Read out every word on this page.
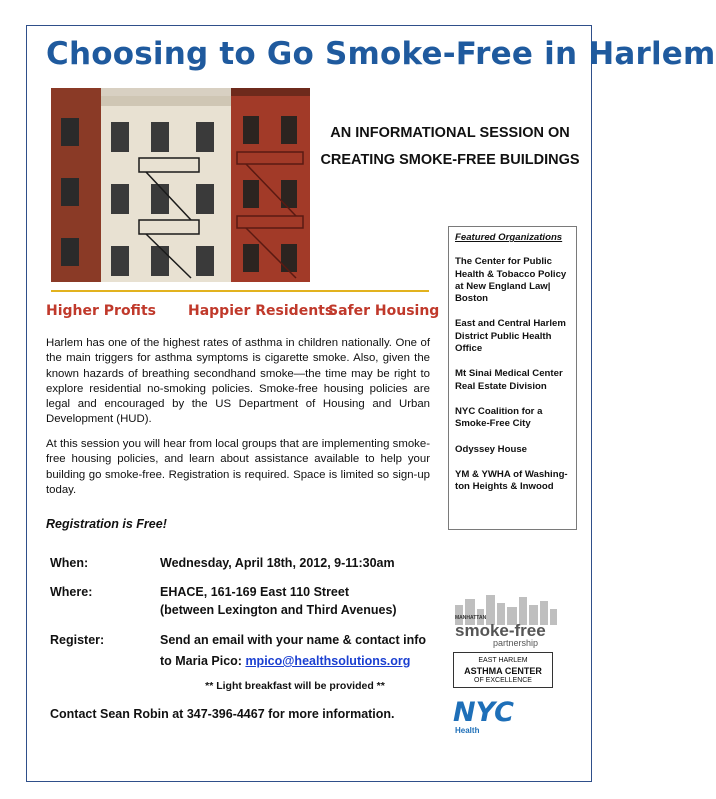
Choosing to Go Smoke-Free in Harlem
AN INFORMATIONAL SESSION ON
CREATING SMOKE-FREE BUILDINGS
Featured Organizations
The Center for Public Health & Tobacco Policy at New England Law| Boston
East and Central Harlem District Public Health Office
Mt Sinai Medical Center Real Estate Division
NYC Coalition for a Smoke-Free City
Odyssey House
YM & YWHA of Washing-ton Heights & Inwood
Higher Profits Happier Residents
Safer Housing
Harlem has one of the highest rates of asthma in children nationally. One of the main triggers for asthma symptoms is cigarette smoke. Also, given the known hazards of breathing secondhand smoke—the time may be right to explore residential no-smoking policies. Smoke-free housing policies are legal and encouraged by the US Department of Housing and Urban Development (HUD).
At this session you will hear from local groups that are implementing smoke-free housing policies, and learn about assistance available to help your building go smoke-free. Registration is required. Space is limited so sign-up today.
Registration is Free!
When:	Wednesday, April 18th, 2012, 9-11:30am
Where:	EHACE, 161-169 East 110 Street
(between Lexington and Third Avenues)
Register:	Send an email with your name & contact info
to Maria Pico: mpico@healthsolutions.org
** Light breakfast will be provided **
Contact Sean Robin at 347-396-4467 for more information.
MANHATTAN
smoke-free
partnership
EAST HARLEM
ASTHMA CENTER
OF EXCELLENCE
NYC
Health
